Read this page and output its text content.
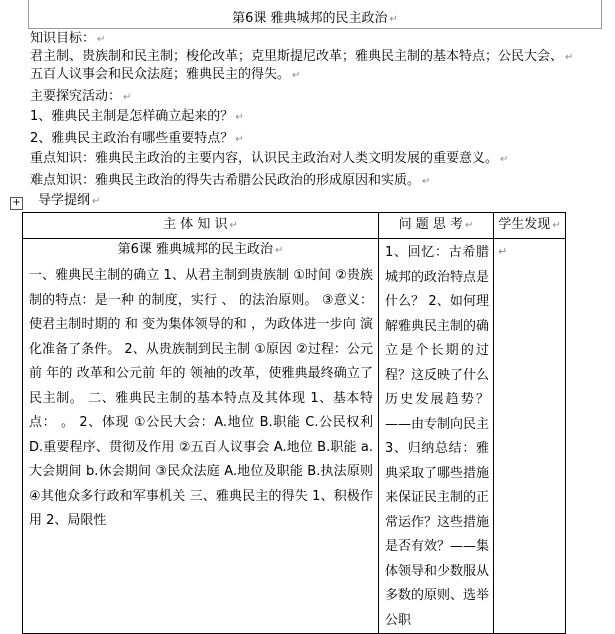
第6课 雅典城邦的民主政治 ↵
知识目标： ↵
君主制、贵族制和民主制；梭伦改革；克里斯提尼改革；雅典民主制的基本特点；公民大会、 ↵
五百人议事会和民众法庭；雅典民主的得失。 ↵
主要探究活动： ↵
1、雅典民主制是怎样确立起来的？ ↵
2、雅典民主政治有哪些重要特点？ ↵
重点知识：雅典民主政治的主要内容，认识民主政治对人类文明发展的重要意义。 ↵
难点知识：雅典民主政治的得失古希腊公民政治的形成原因和实质。 ↵
导学提纲 ↵
+
主 体 知 识 ↵	问 题 思 考 ↵	学生发现 ↵

第6课 雅典城邦的民主政治 ↵
一、雅典民主制的确立 1、从君主制到贵族制 ①时间 ②贵族制的特点：是一种 的制度，实行 、 的法治原则。 ③意义：使君主制时期的 和 变为集体领导的和 ，为政体进一步向 演化准备了条件。 2、从贵族制到民主制 ①原因 ②过程：公元前 年的 改革和公元前 年的 领袖的改革，使雅典最终确立了民主制。 二、雅典民主制的基本特点及其体现 1、基本特点： 。 2、体现 ①公民大会：A.地位 B.职能 C.公民权利 D.重要程序、贯彻及作用 ②五百人议事会 A.地位 B.职能 a.大会期间 b.休会期间 ③民众法庭 A.地位及职能 B.执法原则 ④其他众多行政和军事机关 三、雅典民主的得失 1、积极作用 2、局限性	1、回忆：古希腊城邦的政治特点是什么？ 2、如何理解雅典民主制的确立是个长期的过程？这反映了什么历史发展趋势？——由专制向民主 3、归纳总结：雅典采取了哪些措施来保证民主制的正常运作？这些措施是否有效？——集体领导和少数服从多数的原则、选举公职	↵
